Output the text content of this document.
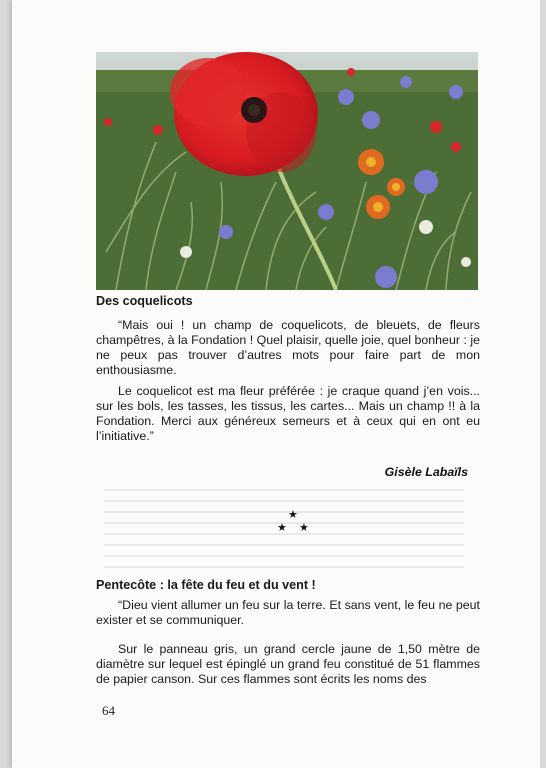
Des coquelicots

“Mais oui ! un champ de coquelicots, de bleuets, de fleurs champêtres, à la Fondation ! Quel plaisir, quelle joie, quel bonheur : je ne peux pas trouver d’autres mots pour faire part de mon enthousiasme.

Le coquelicot est ma fleur préférée : je craque quand j’en vois... sur les bols, les tasses, les tissus, les cartes... Mais un champ !! à la Fondation. Merci aux généreux semeurs et à ceux qui en ont eu l’initiative.”

Gisèle Labaïls
★
★ ★
Pentecôte : la fête du feu et du vent !

“Dieu vient allumer un feu sur la terre. Et sans vent, le feu ne peut exister et se communiquer.

Sur le panneau gris, un grand cercle jaune de 1,50 mètre de diamètre sur lequel est épinglé un grand feu constitué de 51 flammes de papier canson. Sur ces flammes sont écrits les noms des

64
